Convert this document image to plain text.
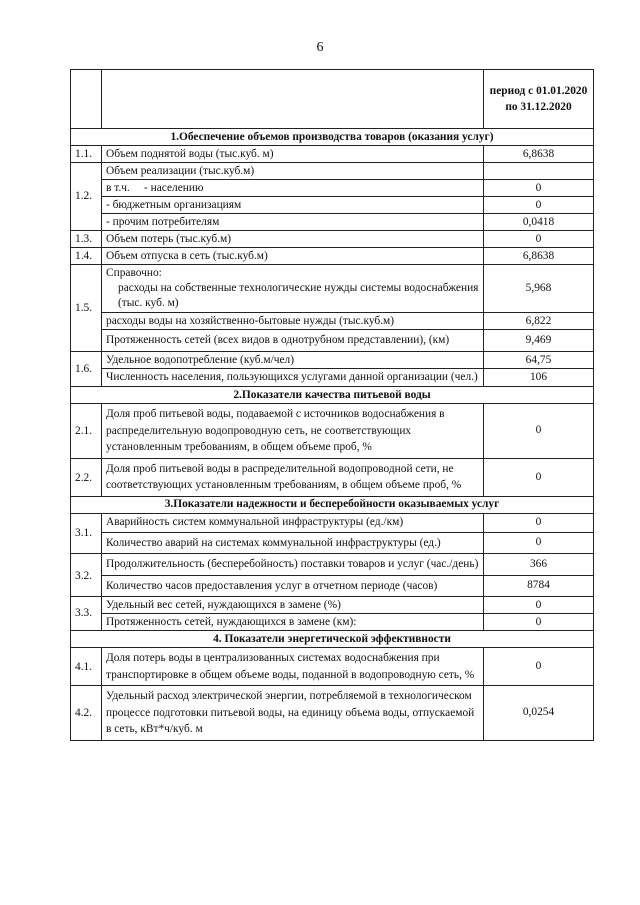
6
		период с 01.01.2020 по 31.12.2020
1.Обеспечение объемов производства товаров (оказания услуг)		
1.1.	Объем поднятой воды (тыс.куб. м)	6,8638
1.2.	Объем реализации (тыс.куб.м)	
	в т.ч.     - населению	0
	- бюджетным организациям	0
	- прочим потребителям	0,0418
1.3.	Объем потерь (тыс.куб.м)	0
1.4.	Объем отпуска в сеть (тыс.куб.м)	6,8638
1.5.	Справочно:
расходы на собственные технологические нужды системы водоснабжения (тыс. куб. м)	5,968
	расходы воды на хозяйственно-бытовые нужды (тыс.куб.м)	6,822
	Протяженность сетей (всех видов в однотрубном представлении), (км)	9,469
1.6.	Удельное водопотребление (куб.м/чел)	64,75
	Численность населения, пользующихся услугами данной организации (чел.)	106
2.Показатели качества питьевой воды		
2.1.	Доля проб питьевой воды, подаваемой с источников водоснабжения в распределительную водопроводную сеть, не соответствующих установленным требованиям, в общем объеме проб, %	0
2.2.	Доля проб питьевой воды в распределительной водопроводной сети, не соответствующих установленным требованиям, в общем объеме проб, %	0
3.Показатели надежности и бесперебойности оказываемых услуг		
3.1.	Аварийность систем коммунальной инфраструктуры (ед./км)	0
	Количество аварий на системах коммунальной инфраструктуры (ед.)	0
3.2.	Продолжительность (бесперебойность) поставки товаров и услуг (час./день)	366
	Количество часов предоставления услуг в отчетном периоде (часов)	8784
3.3.	Удельный вес сетей, нуждающихся в замене (%)	0
	Протяженность сетей, нуждающихся в замене (км):	0
4. Показатели энергетической эффективности		
4.1.	Доля потерь воды в централизованных системах водоснабжения при транспортировке в общем объеме воды, поданной в водопроводную сеть, %	0
4.2.	Удельный расход электрической энергии, потребляемой в технологическом процессе подготовки питьевой воды, на единицу объема воды, отпускаемой в сеть, кВт*ч/куб. м	0,0254
